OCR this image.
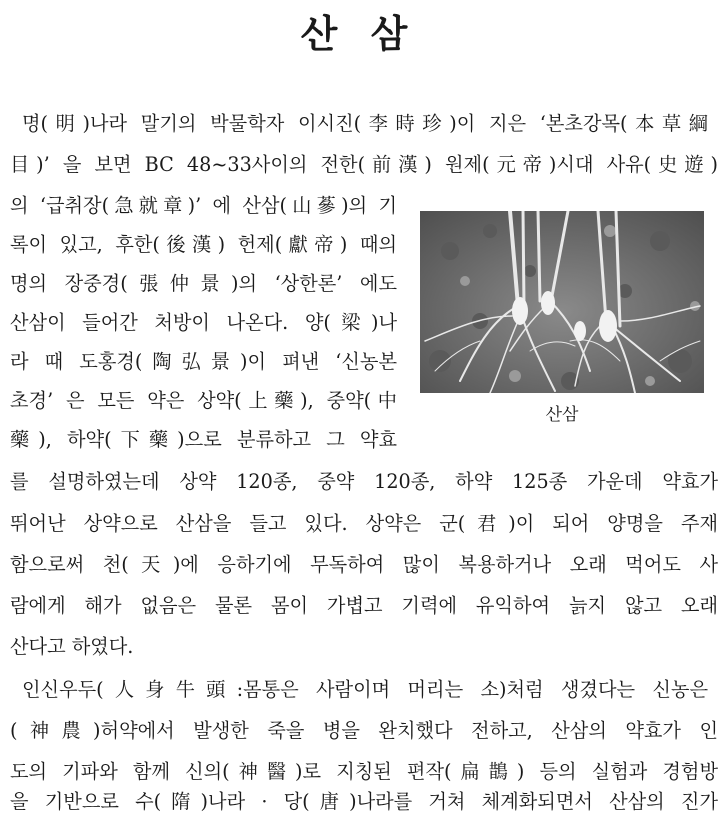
산 삼
명(明)나라 말기의 박물학자 이시진(李時珍)이 지은 ‘본초강목(本草綱
目)’ 을 보면 BC 48~33사이의 전한(前漢) 원제(元帝)시대 사유(史遊)
의 ‘급취장(急就章)’ 에 산삼(山蔘)의 기
록이 있고, 후한(後漢) 헌제(獻帝) 때의
명의 장중경(張仲景)의 ‘상한론’ 에도
산삼이 들어간 처방이 나온다. 양(梁)나
라 때 도홍경(陶弘景)이 펴낸 ‘신농본
초경’ 은 모든 약은 상약(上藥), 중약(中
藥), 하약(下藥)으로 분류하고 그 약효
를 설명하였는데 상약 120종, 중약 120종, 하약 125종 가운데 약효가
뛰어난 상약으로 산삼을 들고 있다. 상약은 군(君)이 되어 양명을 주재
함으로써 천(天)에 응하기에 무독하여 많이 복용하거나 오래 먹어도 사
람에게 해가 없음은 물론 몸이 가볍고 기력에 유익하여 늙지 않고 오래
산다고 하였다.
인신우두(人身牛頭:몸통은 사람이며 머리는 소)처럼 생겼다는 신농은
(神農)허약에서 발생한 죽을 병을 완치했다 전하고, 산삼의 약효가 인
도의 기파와 함께 신의(神醫)로 지칭된 편작(扁鵲) 등의 실험과 경험방
을 기반으로 수(隋)나라 · 당(唐)나라를 거쳐 체계화되면서 산삼의 진가
산삼
